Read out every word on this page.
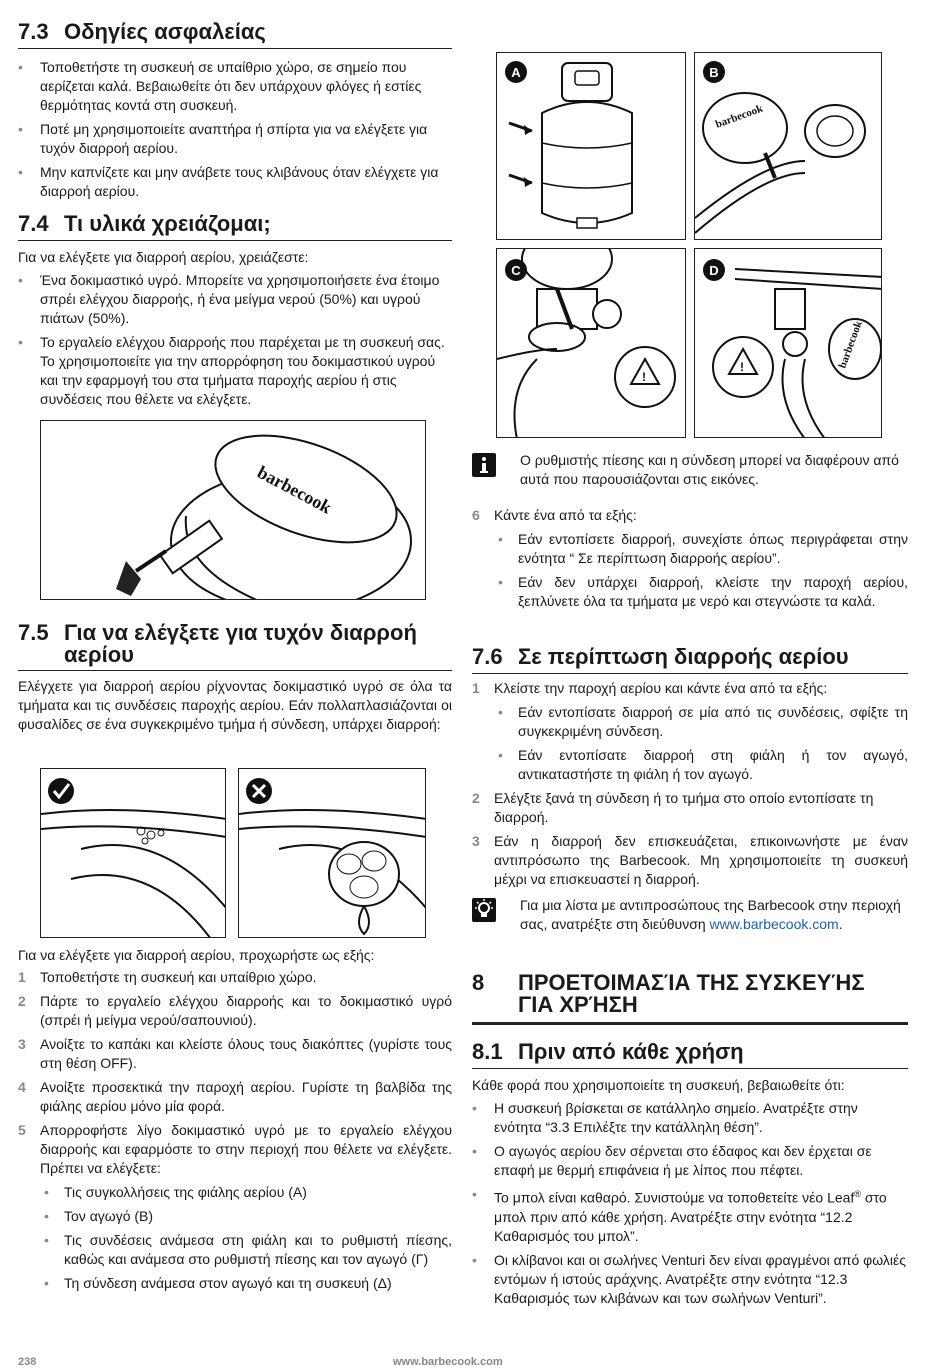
7.3 Οδηγίες ασφαλείας
• Τοποθετήστε τη συσκευή σε υπαίθριο χώρο, σε σημείο που αερίζεται καλά. Βεβαιωθείτε ότι δεν υπάρχουν φλόγες ή εστίες θερμότητας κοντά στη συσκευή.
• Ποτέ μη χρησιμοποιείτε αναπτήρα ή σπίρτα για να ελέγξετε για τυχόν διαρροή αερίου.
• Μην καπνίζετε και μην ανάβετε τους κλιβάνους όταν ελέγχετε για διαρροή αερίου.
7.4 Τι υλικά χρειάζομαι;

Για να ελέγξετε για διαρροή αερίου, χρειάζεστε:

• Ένα δοκιμαστικό υγρό. Μπορείτε να χρησιμοποιήσετε ένα έτοιμο σπρέι ελέγχου διαρροής, ή ένα μείγμα νερού (50%) και υγρού πιάτων (50%).
• Το εργαλείο ελέγχου διαρροής που παρέχεται με τη συσκευή σας. Το χρησιμοποιείτε για την απορρόφηση του δοκιμαστικού υγρού και την εφαρμογή του στα τμήματα παροχής αερίου ή στις συνδέσεις που θέλετε να ελέγξετε.
barbecook
7.5 Για να ελέγξετε για τυχόν διαρροή
αερίου

Ελέγχετε για διαρροή αερίου ρίχνοντας δοκιμαστικό υγρό σε όλα τα τμήματα και τις συνδέσεις παροχής αερίου. Εάν πολλαπλασιάζονται οι φυσαλίδες σε ένα συγκεκριμένο τμήμα ή σύνδεση, υπάρχει διαρροή:

Για να ελέγξετε για διαρροή αερίου, προχωρήστε ως εξής:

1 Τοποθετήστε τη συσκευή και υπαίθριο χώρο.
2 Πάρτε το εργαλείο ελέγχου διαρροής και το δοκιμαστικό υγρό (σπρέι ή μείγμα νερού/σαπουνιού).
3 Ανοίξτε το καπάκι και κλείστε όλους τους διακόπτες (γυρίστε τους στη θέση OFF).
4 Ανοίξτε προσεκτικά την παροχή αερίου. Γυρίστε τη βαλβίδα της φιάλης αερίου μόνο μία φορά.
5 Απορροφήστε λίγο δοκιμαστικό υγρό με το εργαλείο ελέγχου διαρροής και εφαρμόστε το στην περιοχή που θέλετε να ελέγξετε. Πρέπει να ελέγξετε:
• Τις συγκολλήσεις της φιάλης αερίου (Α)
• Τον αγωγό (Β)
• Τις συνδέσεις ανάμεσα στη φιάλη και το ρυθμιστή πίεσης, καθώς και ανάμεσα στο ρυθμιστή πίεσης και τον αγωγό (Γ)
• Τη σύνδεση ανάμεσα στον αγωγό και τη συσκευή (Δ)
238
A	B
barbecook
C
!
D
barbecook
!

Ο ρυθμιστής πίεσης και η σύνδεση μπορεί να διαφέρουν από αυτά που παρουσιάζονται στις εικόνες.

6 Κάντε ένα από τα εξής:
• Εάν εντοπίσετε διαρροή, συνεχίστε όπως περιγράφεται στην ενότητα “ Σε περίπτωση διαρροής αερίου”.
• Εάν δεν υπάρχει διαρροή, κλείστε την παροχή αερίου, ξεπλύνετε όλα τα τμήματα με νερό και στεγνώστε τα καλά.
7.6 Σε περίπτωση διαρροής αερίου
1 Κλείστε την παροχή αερίου και κάντε ένα από τα εξής:
• Εάν εντοπίσατε διαρροή σε μία από τις συνδέσεις, σφίξτε τη συγκεκριμένη σύνδεση.
• Εάν εντοπίσατε διαρροή στη φιάλη ή τον αγωγό, αντικαταστήστε τη φιάλη ή τον αγωγό.
2 Ελέγξτε ξανά τη σύνδεση ή το τμήμα στο οποίο εντοπίσατε τη διαρροή.
3 Εάν η διαρροή δεν επισκευάζεται, επικοινωνήστε με έναν αντιπρόσωπο της Barbecook. Μη χρησιμοποιείτε τη συσκευή μέχρι να επισκευαστεί η διαρροή.

Για μια λίστα με αντιπροσώπους της Barbecook στην περιοχή σας, ανατρέξτε στη διεύθυνση www.barbecook.com.

8	ΠΡΟΕΤΟΙΜΑΣΊΑ ΤΗΣ ΣΥΣΚΕΥΉΣ
ΓΙΑ ΧΡΉΣΗ
8.1 Πριν από κάθε χρήση

Κάθε φορά που χρησιμοποιείτε τη συσκευή, βεβαιωθείτε ότι:

• Η συσκευή βρίσκεται σε κατάλληλο σημείο. Ανατρέξτε στην ενότητα “3.3 Επιλέξτε την κατάλληλη θέση”.
• Ο αγωγός αερίου δεν σέρνεται στο έδαφος και δεν έρχεται σε επαφή με θερμή επιφάνεια ή με λίπος που πέφτει.
• Το μπολ είναι καθαρό. Συνιστούμε να τοποθετείτε νέο Leaf® στο μπολ πριν από κάθε χρήση. Ανατρέξτε στην ενότητα “12.2 Καθαρισμός του μπολ”.
• Οι κλίβανοι και οι σωλήνες Venturi δεν είναι φραγμένοι από φωλιές εντόμων ή ιστούς αράχνης. Ανατρέξτε στην ενότητα “12.3 Καθαρισμός των κλιβάνων και των σωλήνων Venturi”.
www.barbecook.com
